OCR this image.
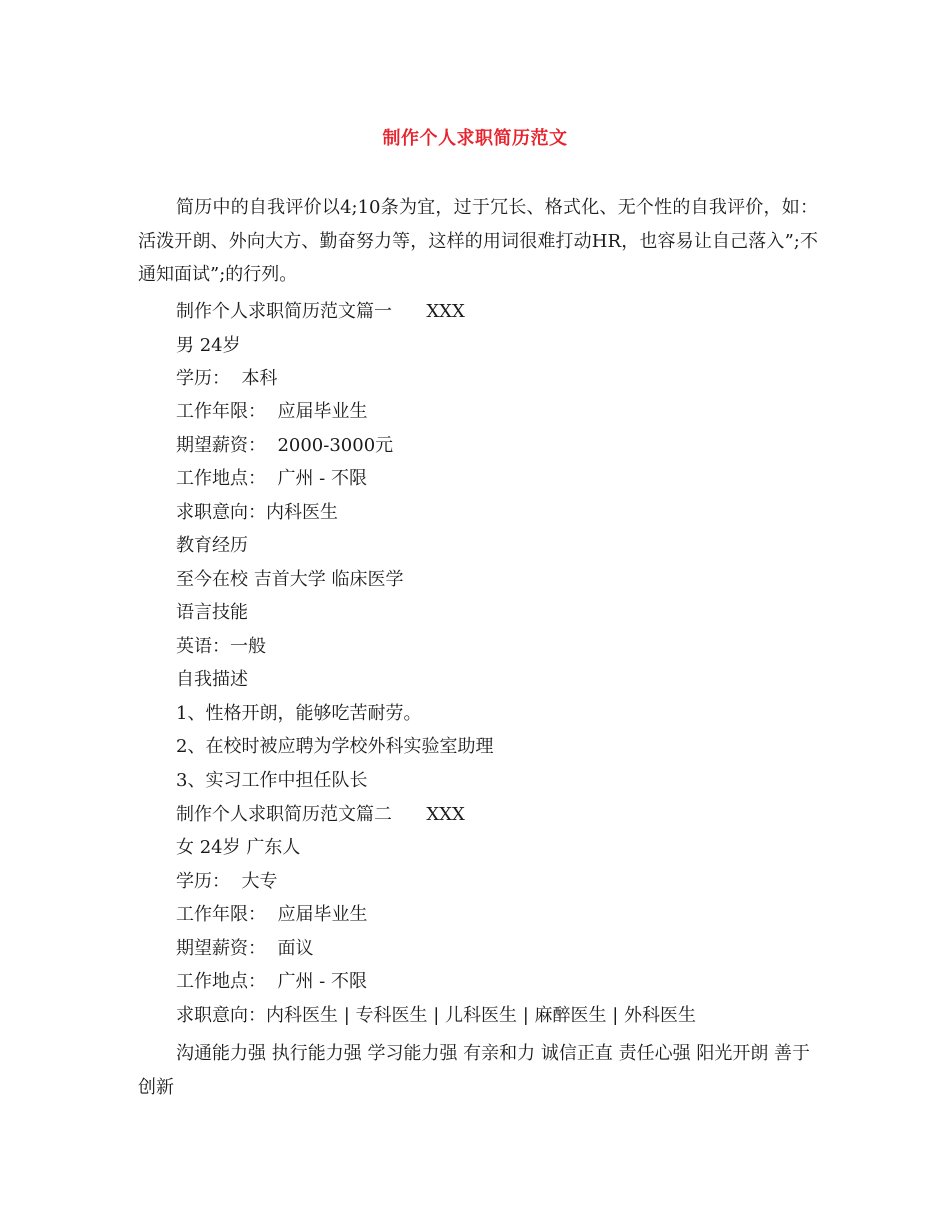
制作个人求职简历范文

简历中的自我评价以4;10条为宜，过于冗长、格式化、无个性的自我评价，如：活泼开朗、外向大方、勤奋努力等，这样的用词很难打动HR，也容易让自己落入”;不通知面试”;的行列。

制作个人求职简历范文篇一      XXX
男 24岁
学历：  本科
工作年限：  应届毕业生
期望薪资：  2000-3000元
工作地点：  广州 - 不限
求职意向：内科医生
教育经历
至今在校 吉首大学 临床医学
语言技能
英语：一般
自我描述
1、性格开朗，能够吃苦耐劳。
2、在校时被应聘为学校外科实验室助理
3、实习工作中担任队长
制作个人求职简历范文篇二      XXX
女 24岁 广东人
学历：  大专
工作年限：  应届毕业生
期望薪资：  面议
工作地点：  广州 - 不限
求职意向：内科医生 | 专科医生 | 儿科医生 | 麻醉医生 | 外科医生

沟通能力强 执行能力强 学习能力强 有亲和力 诚信正直 责任心强 阳光开朗 善于创新
